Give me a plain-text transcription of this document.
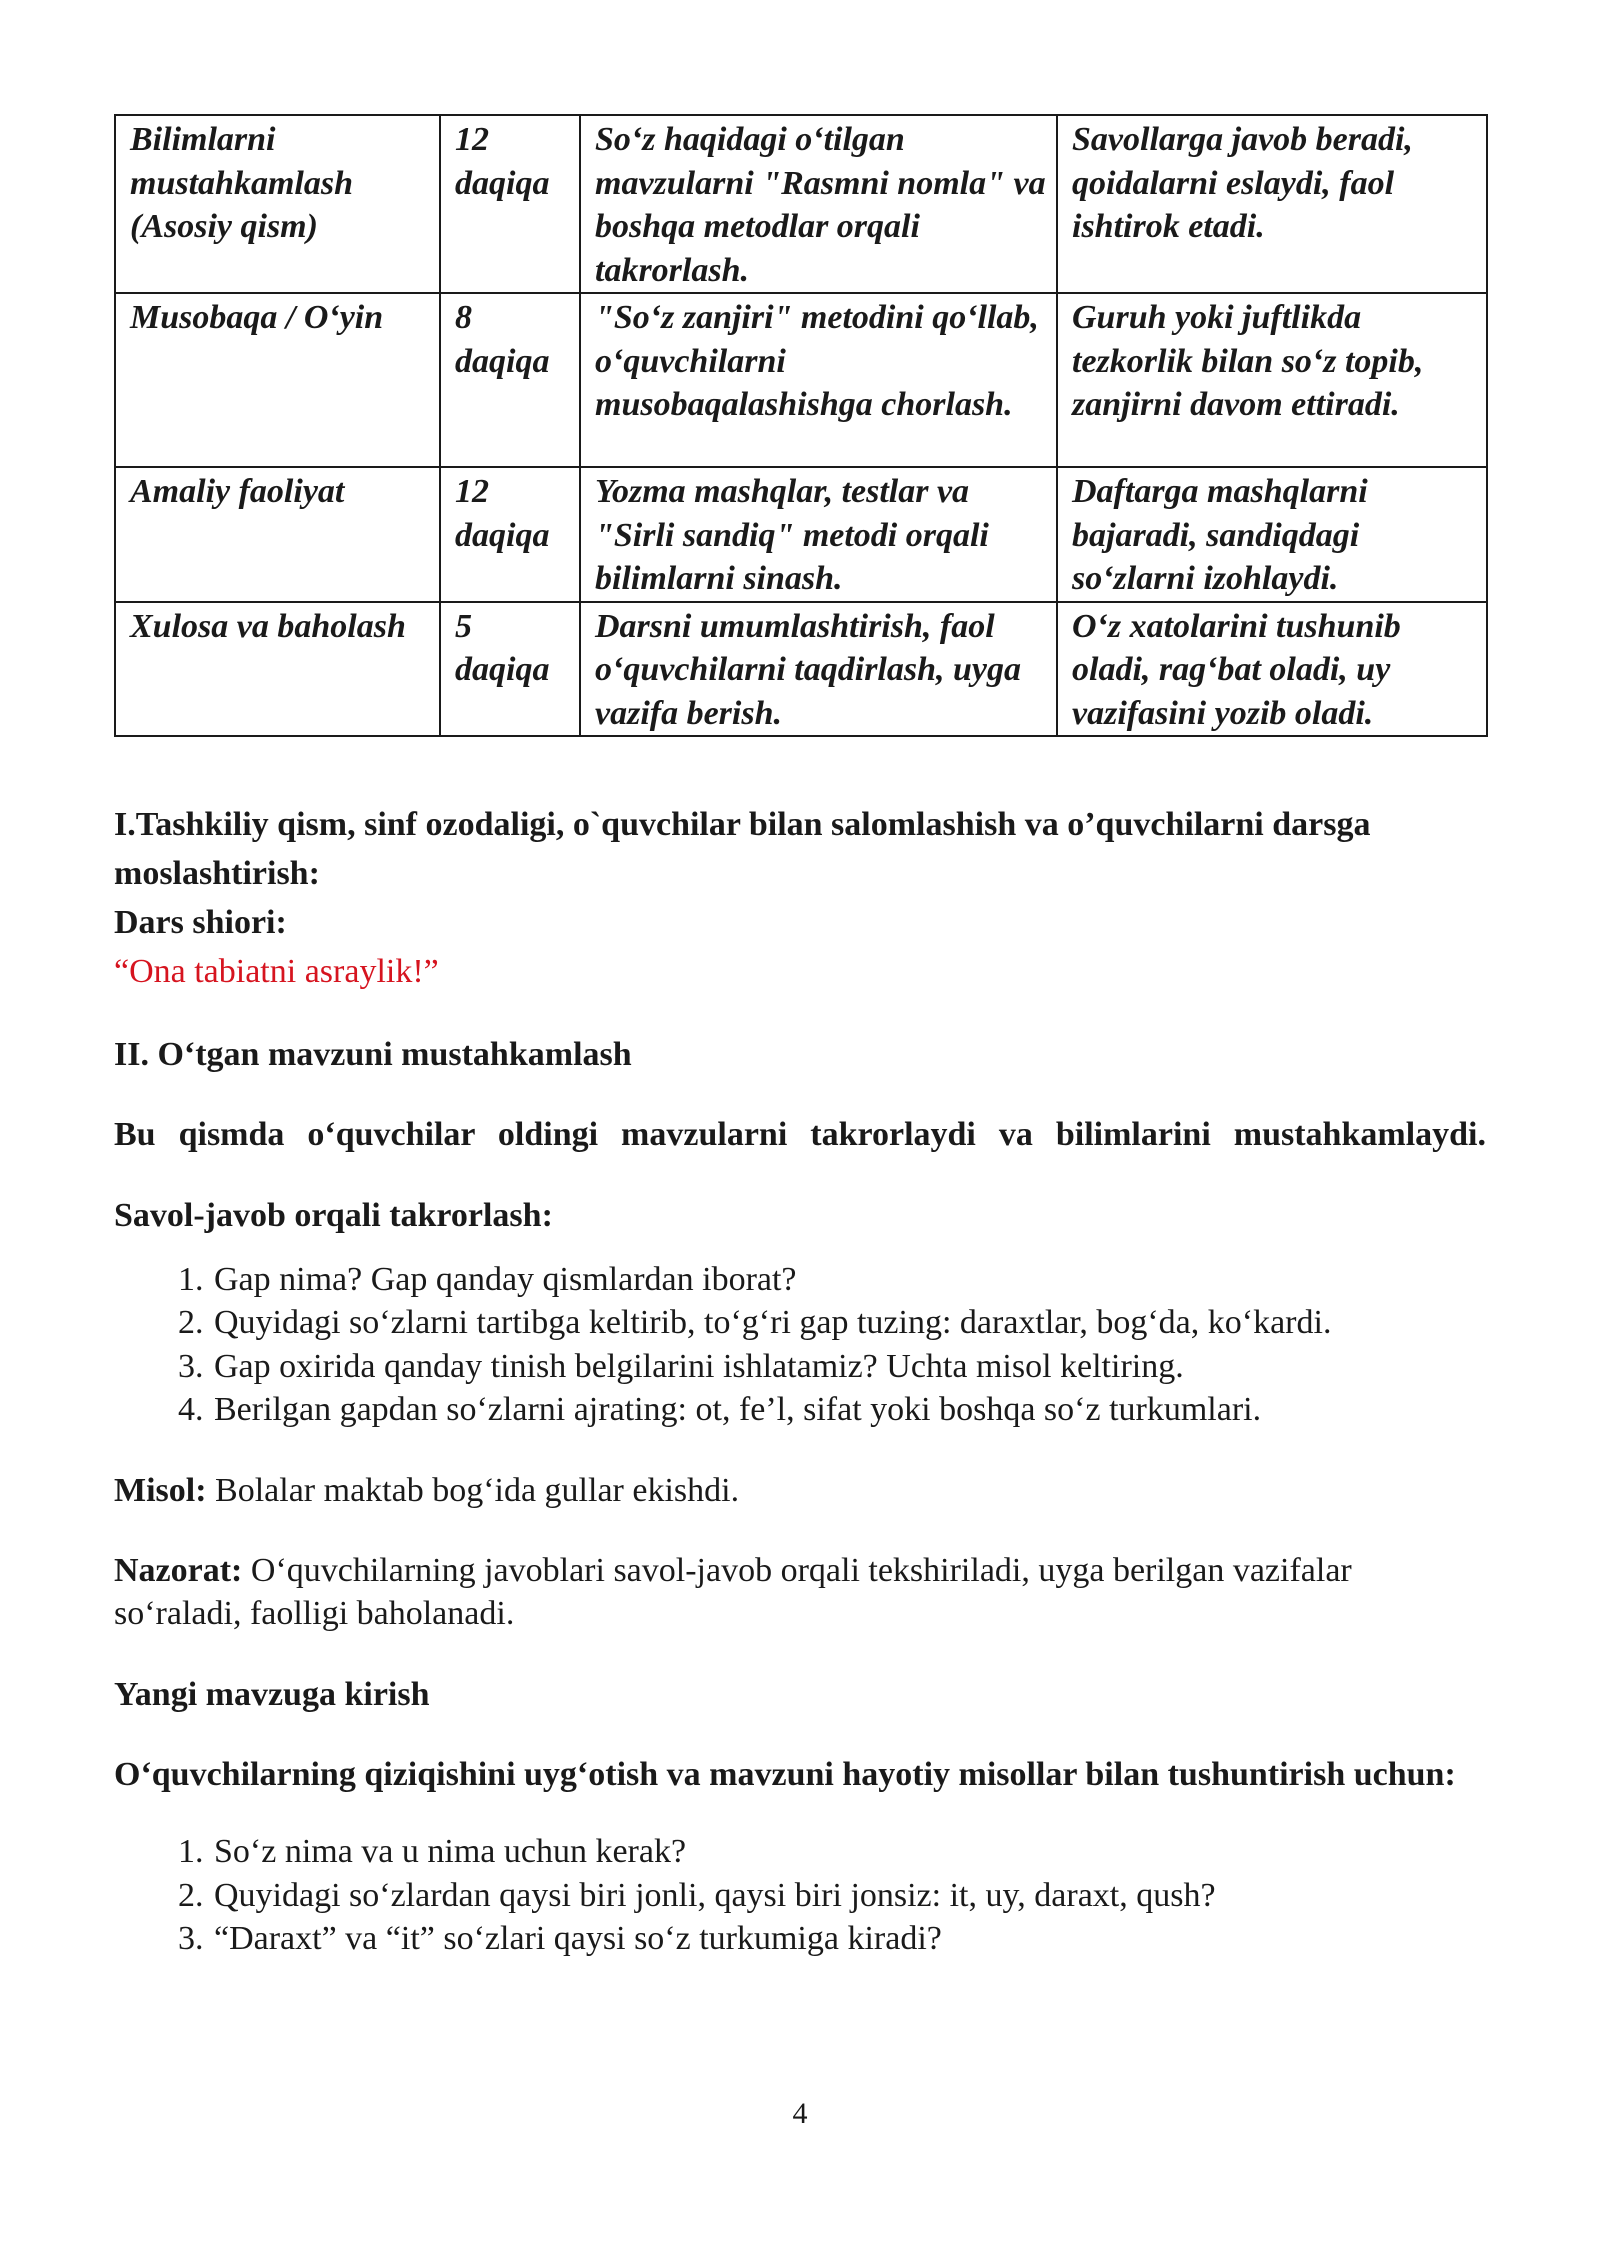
Bilimlarni mustahkamlash (Asosiy qism)	12 daqiqa	So‘z haqidagi o‘tilgan mavzularni "Rasmni nomla" va boshqa metodlar orqali takrorlash.	Savollarga javob beradi, qoidalarni eslaydi, faol ishtirok etadi.
Musobaqa / O‘yin	8 daqiqa	"So‘z zanjiri" metodini qo‘llab, o‘quvchilarni musobaqalashishga chorlash.	Guruh yoki juftlikda tezkorlik bilan so‘z topib, zanjirni davom ettiradi.
Amaliy faoliyat	12 daqiqa	Yozma mashqlar, testlar va "Sirli sandiq" metodi orqali bilimlarni sinash.	Daftarga mashqlarni bajaradi, sandiqdagi so‘zlarni izohlaydi.
Xulosa va baholash	5 daqiqa	Darsni umumlashtirish, faol o‘quvchilarni taqdirlash, uyga vazifa berish.	O‘z xatolarini tushunib oladi, rag‘bat oladi, uy vazifasini yozib oladi.

I.Tashkiliy qism, sinf ozodaligi, o`quvchilar bilan salomlashish va o’quvchilarni darsga moslashtirish:

Dars shiori:

“Ona tabiatni asraylik!”

II. O‘tgan mavzuni mustahkamlash

Bu qismda o‘quvchilar oldingi mavzularni takrorlaydi va bilimlarini mustahkamlaydi.

Savol-javob orqali takrorlash:

1. Gap nima? Gap qanday qismlardan iborat?
2. Quyidagi so‘zlarni tartibga keltirib, to‘g‘ri gap tuzing: daraxtlar, bog‘da, ko‘kardi.
3. Gap oxirida qanday tinish belgilarini ishlatamiz? Uchta misol keltiring.
4. Berilgan gapdan so‘zlarni ajrating: ot, fe’l, sifat yoki boshqa so‘z turkumlari.

Misol: Bolalar maktab bog‘ida gullar ekishdi.

Nazorat: O‘quvchilarning javoblari savol-javob orqali tekshiriladi, uyga berilgan vazifalar so‘raladi, faolligi baholanadi.

Yangi mavzuga kirish

O‘quvchilarning qiziqishini uyg‘otish va mavzuni hayotiy misollar bilan tushuntirish uchun:

1. So‘z nima va u nima uchun kerak?
2. Quyidagi so‘zlardan qaysi biri jonli, qaysi biri jonsiz: it, uy, daraxt, qush?
3. “Daraxt” va “it” so‘zlari qaysi so‘z turkumiga kiradi?
4
